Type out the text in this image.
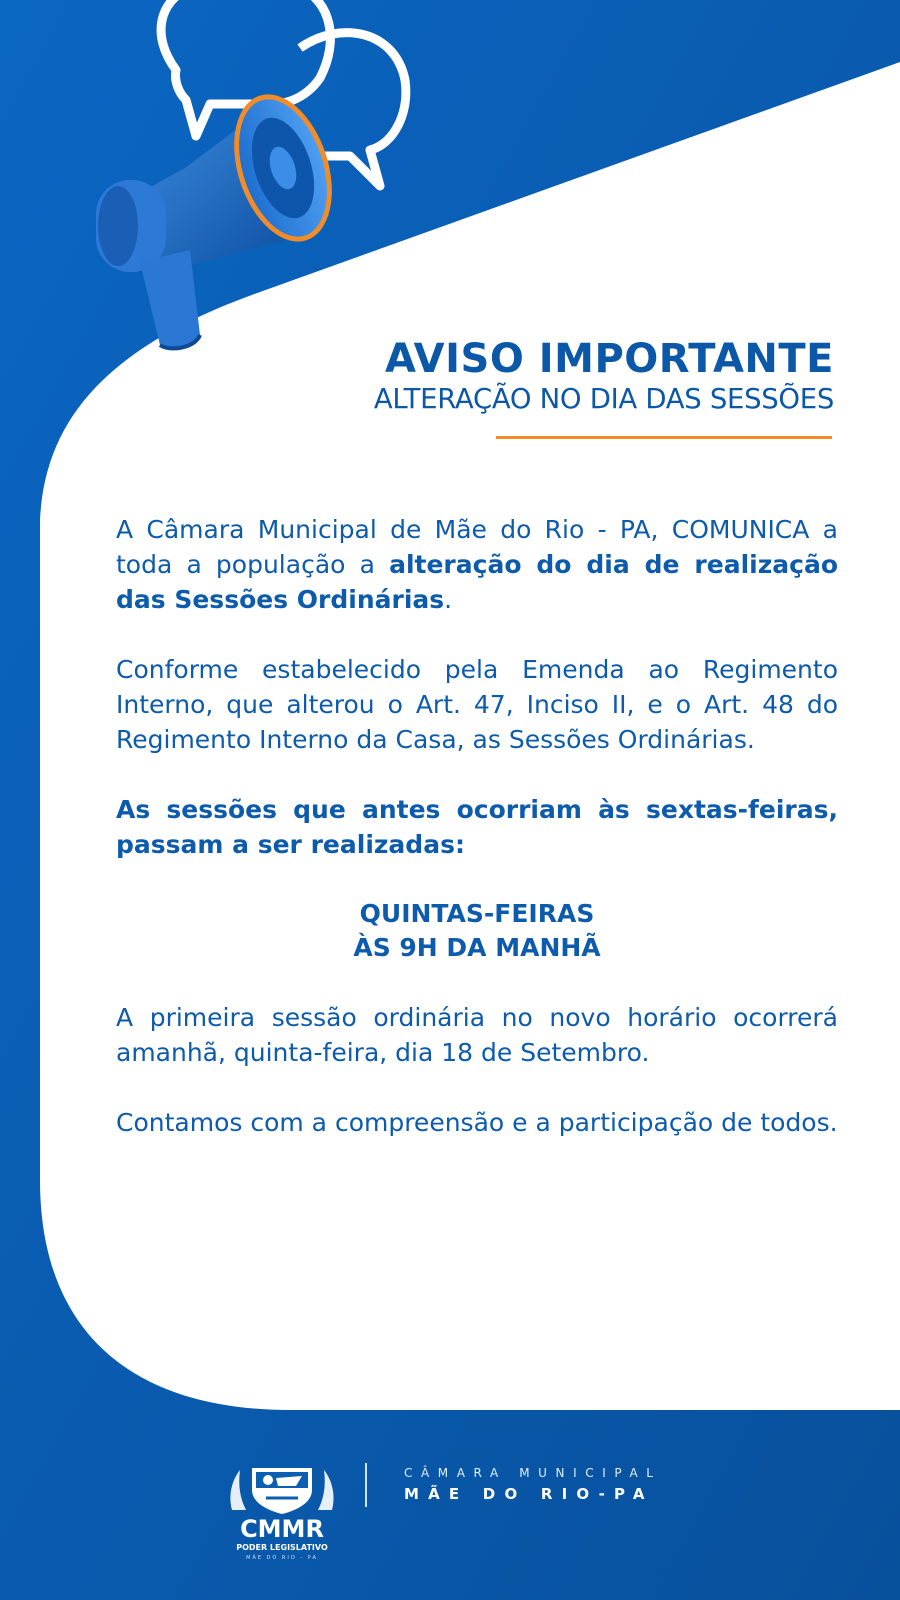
AVISO IMPORTANTE
ALTERAÇÃO NO DIA DAS SESSÕES

A Câmara Municipal de Mãe do Rio - PA, COMUNICA a toda a população a alteração do dia de realização das Sessões Ordinárias.

Conforme estabelecido pela Emenda ao Regimento Interno, que alterou o Art. 47, Inciso II, e o Art. 48 do Regimento Interno da Casa, as Sessões Ordinárias.

As sessões que antes ocorriam às sextas-feiras, passam a ser realizadas:

QUINTAS-FEIRAS
ÀS 9H DA MANHÃ

A primeira sessão ordinária no novo horário ocorrerá amanhã, quinta-feira, dia 18 de Setembro.

Contamos com a compreensão e a participação de todos.

CMMR
PODER LEGISLATIVO
MÃE DO RIO - PA
CÂMARA MUNICIPAL
MÃE DO RIO-PA
